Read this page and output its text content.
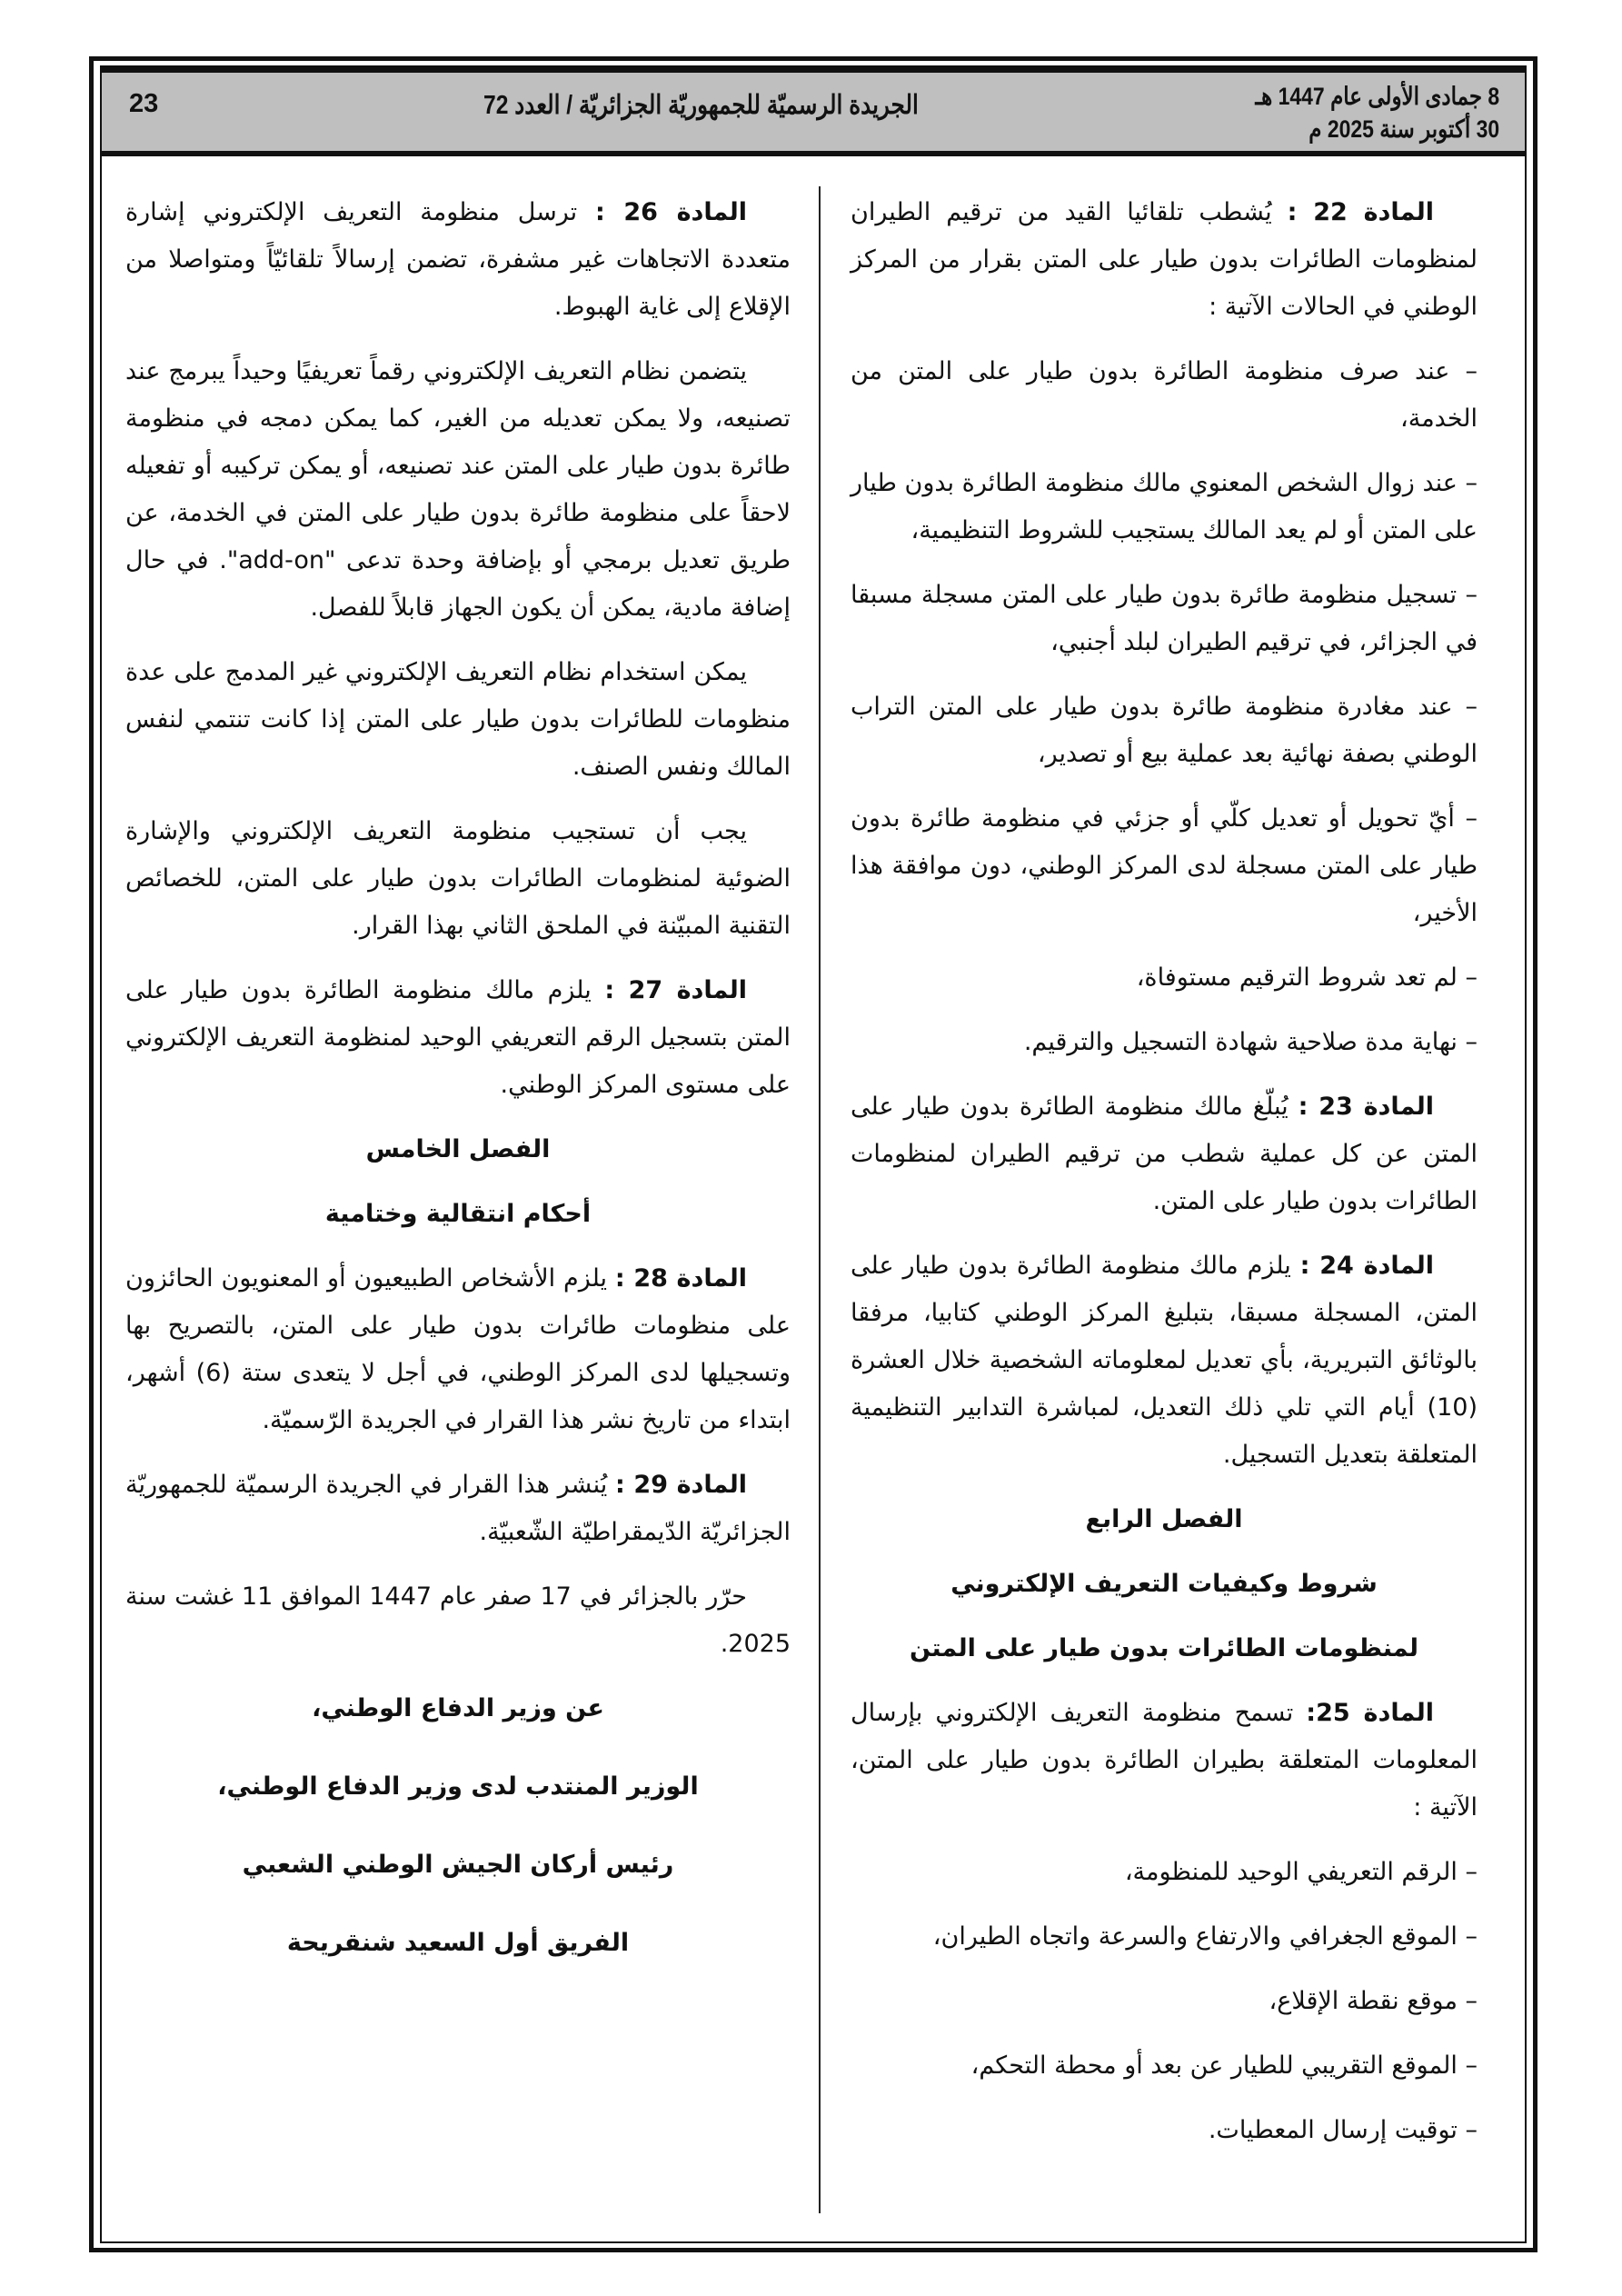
8 جمادى الأولى عام 1447 هـ
30 أكتوبر سنة 2025 م
الجريدة الرسميّة للجمهوريّة الجزائريّة / العدد 72
23

المادة 22 : يُشطب تلقائيا القيد من ترقيم الطيران لمنظومات الطائرات بدون طيار على المتن بقرار من المركز الوطني في الحالات الآتية :

– عند صرف منظومة الطائرة بدون طيار على المتن من الخدمة،

– عند زوال الشخص المعنوي مالك منظومة الطائرة بدون طيار على المتن أو لم يعد المالك يستجيب للشروط التنظيمية،

– تسجيل منظومة طائرة بدون طيار على المتن مسجلة مسبقا في الجزائر، في ترقيم الطيران لبلد أجنبي،

– عند مغادرة منظومة طائرة بدون طيار على المتن التراب الوطني بصفة نهائية بعد عملية بيع أو تصدير،

– أيّ تحويل أو تعديل كلّي أو جزئي في منظومة طائرة بدون طيار على المتن مسجلة لدى المركز الوطني، دون موافقة هذا الأخير،

– لم تعد شروط الترقيم مستوفاة،

– نهاية مدة صلاحية شهادة التسجيل والترقيم.

المادة 23 : يُبلّغ مالك منظومة الطائرة بدون طيار على المتن عن كل عملية شطب من ترقيم الطيران لمنظومات الطائرات بدون طيار على المتن.

المادة 24 : يلزم مالك منظومة الطائرة بدون طيار على المتن، المسجلة مسبقا، بتبليغ المركز الوطني كتابيا، مرفقا بالوثائق التبريرية، بأي تعديل لمعلوماته الشخصية خلال العشرة (10) أيام التي تلي ذلك التعديل، لمباشرة التدابير التنظيمية المتعلقة بتعديل التسجيل.

الفصل الرابع

شروط وكيفيات التعريف الإلكتروني

لمنظومات الطائرات بدون طيار على المتن

المادة 25: تسمح منظومة التعريف الإلكتروني بإرسال المعلومات المتعلقة بطيران الطائرة بدون طيار على المتن، الآتية :

– الرقم التعريفي الوحيد للمنظومة،

– الموقع الجغرافي والارتفاع والسرعة واتجاه الطيران،

– موقع نقطة الإقلاع،

– الموقع التقريبي للطيار عن بعد أو محطة التحكم،

– توقيت إرسال المعطيات.

المادة 26 : ترسل منظومة التعريف الإلكتروني إشارة متعددة الاتجاهات غير مشفرة، تضمن إرسالاً تلقائيّاً ومتواصلا من الإقلاع إلى غاية الهبوط.

يتضمن نظام التعريف الإلكتروني رقماً تعريفيًا وحيداً يبرمج عند تصنيعه، ولا يمكن تعديله من الغير، كما يمكن دمجه في منظومة طائرة بدون طيار على المتن عند تصنيعه، أو يمكن تركيبه أو تفعيله لاحقاً على منظومة طائرة بدون طيار على المتن في الخدمة، عن طريق تعديل برمجي أو بإضافة وحدة تدعى "add-on". في حال إضافة مادية، يمكن أن يكون الجهاز قابلاً للفصل.

يمكن استخدام نظام التعريف الإلكتروني غير المدمج على عدة منظومات للطائرات بدون طيار على المتن إذا كانت تنتمي لنفس المالك ونفس الصنف.

يجب أن تستجيب منظومة التعريف الإلكتروني والإشارة الضوئية لمنظومات الطائرات بدون طيار على المتن، للخصائص التقنية المبيّنة في الملحق الثاني بهذا القرار.

المادة 27 : يلزم مالك منظومة الطائرة بدون طيار على المتن بتسجيل الرقم التعريفي الوحيد لمنظومة التعريف الإلكتروني على مستوى المركز الوطني.

الفصل الخامس

أحكام انتقالية وختامية

المادة 28 : يلزم الأشخاص الطبيعيون أو المعنويون الحائزون على منظومات طائرات بدون طيار على المتن، بالتصريح بها وتسجيلها لدى المركز الوطني، في أجل لا يتعدى ستة (6) أشهر، ابتداء من تاريخ نشر هذا القرار في الجريدة الرّسميّة.

المادة 29 : يُنشر هذا القرار في الجريدة الرسميّة للجمهوريّة الجزائريّة الدّيمقراطيّة الشّعبيّة.

حرّر بالجزائر في 17 صفر عام 1447 الموافق 11 غشت سنة 2025.

عن وزير الدفاع الوطني،

الوزير المنتدب لدى وزير الدفاع الوطني،

رئيس أركان الجيش الوطني الشعبي

الفريق أول السعيد شنقريحة
